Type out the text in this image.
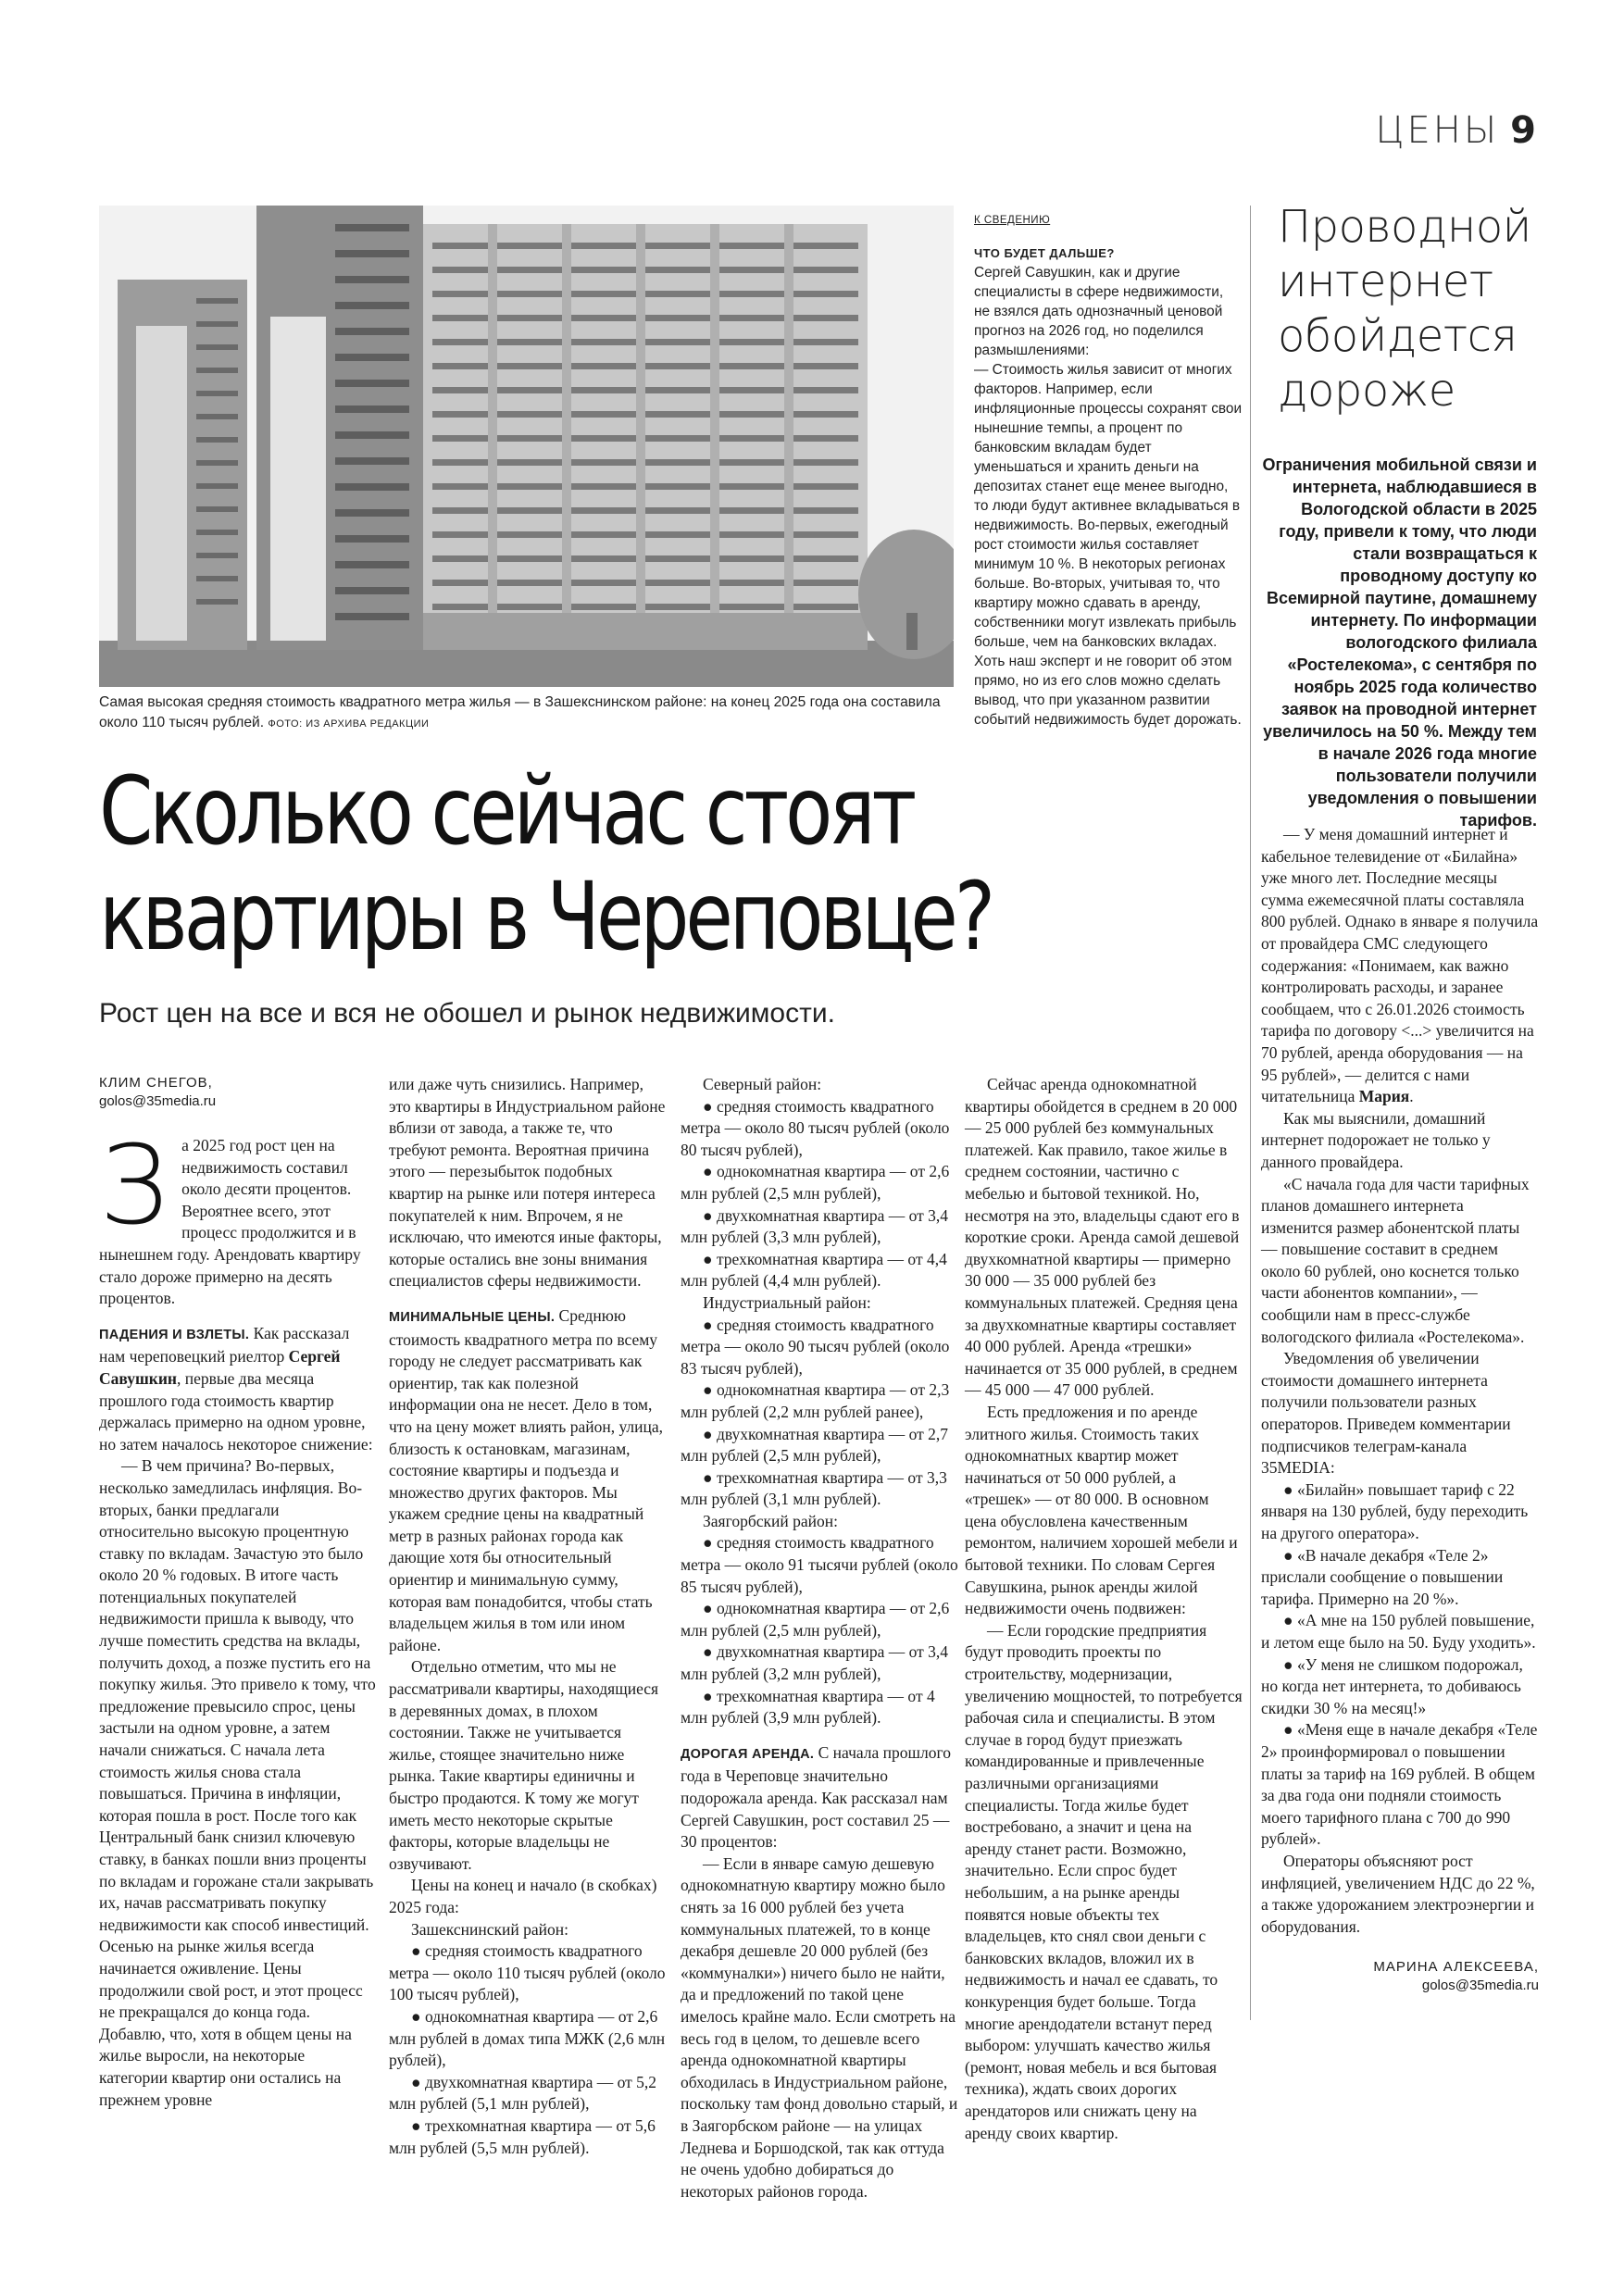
ЦЕНЫ 9
Самая высокая средняя стоимость квадратного метра жилья — в Зашекснинском районе: на конец 2025 года она составила около 110 тысяч рублей. ФОТО: ИЗ АРХИВА РЕДАКЦИИ
К СВЕДЕНИЮ

ЧТО БУДЕТ ДАЛЬШЕ?

Сергей Савушкин, как и другие специалисты в сфере недвижимости, не взялся дать однозначный ценовой прогноз на 2026 год, но поделился размышлениями:

— Стоимость жилья зависит от многих факторов. Например, если инфляционные процессы сохранят свои нынешние темпы, а процент по банковским вкладам будет уменьшаться и хранить деньги на депозитах станет еще менее выгодно, то люди будут активнее вкладываться в недвижимость. Во-первых, ежегодный рост стоимости жилья составляет минимум 10 %. В некоторых регионах больше. Во-вторых, учитывая то, что квартиру можно сдавать в аренду, собственники могут извлекать прибыль больше, чем на банковских вкладах.

Хоть наш эксперт и не говорит об этом прямо, но из его слов можно сделать вывод, что при указанном развитии событий недвижимость будет дорожать.

Проводной
интернет
обойдется
дороже
Ограничения мобильной связи и интернета, наблюдавшиеся в Вологодской области в 2025 году, привели к тому, что люди стали возвращаться к проводному доступу ко Всемирной паутине, домашнему интернету. По информации вологодского филиала «Ростелекома», с сентября по ноябрь 2025 года количество заявок на проводной интернет увеличилось на 50 %. Между тем в начале 2026 года многие пользователи получили уведомления о повышении тарифов.

— У меня домашний интернет и кабельное телевидение от «Билайна» уже много лет. Последние месяцы сумма ежемесячной платы составляла 800 рублей. Однако в январе я получила от провайдера СМС следующего содержания: «Понимаем, как важно контролировать расходы, и заранее сообщаем, что с 26.01.2026 стоимость тарифа по договору <...> увеличится на 70 рублей, аренда оборудования — на 95 рублей», — делится с нами читательница Мария.

Как мы выяснили, домашний интернет подорожает не только у данного провайдера.

«С начала года для части тарифных планов домашнего интернета изменится размер абонентской платы — повышение составит в среднем около 60 рублей, оно коснется только части абонентов компании», — сообщили нам в пресс-службе вологодского филиала «Ростелекома».

Уведомления об увеличении стоимости домашнего интернета получили пользователи разных операторов. Приведем комментарии подписчиков телеграм-канала 35MEDIA:

● «Билайн» повышает тариф с 22 января на 130 рублей, буду переходить на другого оператора».

● «В начале декабря «Теле 2» прислали сообщение о повышении тарифа. Примерно на 20 %».

● «А мне на 150 рублей повышение, и летом еще было на 50. Буду уходить».

● «У меня не слишком подорожал, но когда нет интернета, то добиваюсь скидки 30 % на месяц!»

● «Меня еще в начале декабря «Теле 2» проинформировал о повышении платы за тариф на 169 рублей. В общем за два года они подняли стоимость моего тарифного плана с 700 до 990 рублей».

Операторы объясняют рост инфляцией, увеличением НДС до 22 %, а также удорожанием электроэнергии и оборудования.

МАРИНА АЛЕКСЕЕВА,
golos@35media.ru
Сколько сейчас стоят
квартиры в Череповце?
Рост цен на все и вся не обошел и рынок недвижимости.
КЛИМ СНЕГОВ,
golos@35media.ru
З а 2025 год рост цен на недвижимость составил около десяти процентов. Вероятнее всего, этот процесс продолжится и в нынешнем году. Арендовать квартиру стало дороже примерно на десять процентов.

ПАДЕНИЯ И ВЗЛЕТЫ. Как рассказал нам череповецкий риелтор Сергей Савушкин, первые два месяца прошлого года стоимость квартир держалась примерно на одном уровне, но затем началось некоторое снижение:

— В чем причина? Во-первых, несколько замедлилась инфляция. Во-вторых, банки предлагали относительно высокую процентную ставку по вкладам. Зачастую это было около 20 % годовых. В итоге часть потенциальных покупателей недвижимости пришла к выводу, что лучше поместить средства на вклады, получить доход, а позже пустить его на покупку жилья. Это привело к тому, что предложение превысило спрос, цены застыли на одном уровне, а затем начали снижаться. С начала лета стоимость жилья снова стала повышаться. Причина в инфляции, которая пошла в рост. После того как Центральный банк снизил ключевую ставку, в банках пошли вниз проценты по вкладам и горожане стали закрывать их, начав рассматривать покупку недвижимости как способ инвестиций. Осенью на рынке жилья всегда начинается оживление. Цены продолжили свой рост, и этот процесс не прекращался до конца года. Добавлю, что, хотя в общем цены на жилье выросли, на некоторые категории квартир они остались на прежнем уровне

или даже чуть снизились. Например, это квартиры в Индустриальном районе вблизи от завода, а также те, что требуют ремонта. Вероятная причина этого — перезыбыток подобных квартир на рынке или потеря интереса покупателей к ним. Впрочем, я не исключаю, что имеются иные факторы, которые остались вне зоны внимания специалистов сферы недвижимости.

МИНИМАЛЬНЫЕ ЦЕНЫ. Среднюю стоимость квадратного метра по всему городу не следует рассматривать как ориентир, так как полезной информации она не несет. Дело в том, что на цену может влиять район, улица, близость к остановкам, магазинам, состояние квартиры и подъезда и множество других факторов. Мы укажем средние цены на квадратный метр в разных районах города как дающие хотя бы относительный ориентир и минимальную сумму, которая вам понадобится, чтобы стать владельцем жилья в том или ином районе.

Отдельно отметим, что мы не рассматривали квартиры, находящиеся в деревянных домах, в плохом состоянии. Также не учитывается жилье, стоящее значительно ниже рынка. Такие квартиры единичны и быстро продаются. К тому же могут иметь место некоторые скрытые факторы, которые владельцы не озвучивают.

Цены на конец и начало (в скобках) 2025 года:

Зашекснинский район:

● средняя стоимость квадратного метра — около 110 тысяч рублей (около 100 тысяч рублей),

● однокомнатная квартира — от 2,6 млн рублей в домах типа МЖК (2,6 млн рублей),

● двухкомнатная квартира — от 5,2 млн рублей (5,1 млн рублей),

● трехкомнатная квартира — от 5,6 млн рублей (5,5 млн рублей).

Северный район:

● средняя стоимость квадратного метра — около 80 тысяч рублей (около 80 тысяч рублей),

● однокомнатная квартира — от 2,6 млн рублей (2,5 млн рублей),

● двухкомнатная квартира — от 3,4 млн рублей (3,3 млн рублей),

● трехкомнатная квартира — от 4,4 млн рублей (4,4 млн рублей).

Индустриальный район:

● средняя стоимость квадратного метра — около 90 тысяч рублей (около 83 тысяч рублей),

● однокомнатная квартира — от 2,3 млн рублей (2,2 млн рублей ранее),

● двухкомнатная квартира — от 2,7 млн рублей (2,5 млн рублей),

● трехкомнатная квартира — от 3,3 млн рублей (3,1 млн рублей).

Заягорбский район:

● средняя стоимость квадратного метра — около 91 тысячи рублей (около 85 тысяч рублей),

● однокомнатная квартира — от 2,6 млн рублей (2,5 млн рублей),

● двухкомнатная квартира — от 3,4 млн рублей (3,2 млн рублей),

● трехкомнатная квартира — от 4 млн рублей (3,9 млн рублей).

ДОРОГАЯ АРЕНДА. С начала прошлого года в Череповце значительно подорожала аренда. Как рассказал нам Сергей Савушкин, рост составил 25 — 30 процентов:

— Если в январе самую дешевую однокомнатную квартиру можно было снять за 16 000 рублей без учета коммунальных платежей, то в конце декабря дешевле 20 000 рублей (без «коммуналки») ничего было не найти, да и предложений по такой цене имелось крайне мало. Если смотреть на весь год в целом, то дешевле всего аренда однокомнатной квартиры обходилась в Индустриальном районе, поскольку там фонд довольно старый, и в Заягорбском районе — на улицах Леднева и Боршодской, так как оттуда не очень удобно добираться до некоторых районов города.

Сейчас аренда однокомнатной квартиры обойдется в среднем в 20 000 — 25 000 рублей без коммунальных платежей. Как правило, такое жилье в среднем состоянии, частично с мебелью и бытовой техникой. Но, несмотря на это, владельцы сдают его в короткие сроки. Аренда самой дешевой двухкомнатной квартиры — примерно 30 000 — 35 000 рублей без коммунальных платежей. Средняя цена за двухкомнатные квартиры составляет 40 000 рублей. Аренда «трешки» начинается от 35 000 рублей, в среднем — 45 000 — 47 000 рублей.

Есть предложения и по аренде элитного жилья. Стоимость таких однокомнатных квартир может начинаться от 50 000 рублей, а «трешек» — от 80 000. В основном цена обусловлена качественным ремонтом, наличием хорошей мебели и бытовой техники. По словам Сергея Савушкина, рынок аренды жилой недвижимости очень подвижен:

— Если городские предприятия будут проводить проекты по строительству, модернизации, увеличению мощностей, то потребуется рабочая сила и специалисты. В этом случае в город будут приезжать командированные и привлеченные различными организациями специалисты. Тогда жилье будет востребовано, а значит и цена на аренду станет расти. Возможно, значительно. Если спрос будет небольшим, а на рынке аренды появятся новые объекты тех владельцев, кто снял свои деньги с банковских вкладов, вложил их в недвижимость и начал ее сдавать, то конкуренция будет больше. Тогда многие арендодатели встанут перед выбором: улучшать качество жилья (ремонт, новая мебель и вся бытовая техника), ждать своих дорогих арендаторов или снижать цену на аренду своих квартир.
